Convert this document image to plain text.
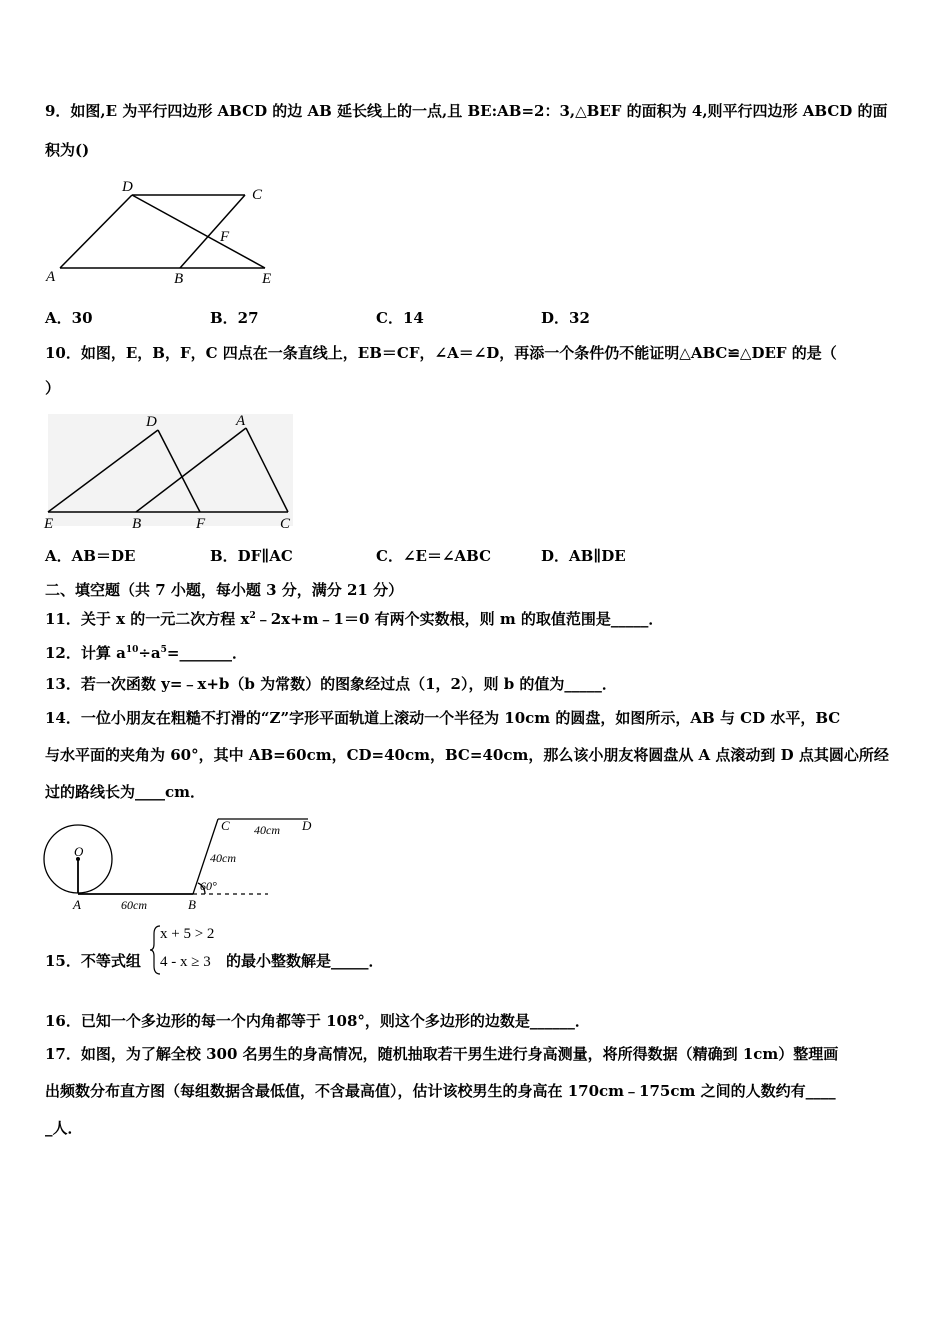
9．如图,E 为平行四边形 ABCD 的边 AB 延长线上的一点,且 BE:AB=2：3,△BEF 的面积为 4,则平行四边形 ABCD 的面
积为()
A	B
C
D
E
F
A．30	B．27	C．14	D．32
10．如图，E，B，F，C 四点在一条直线上，EB＝CF，∠A＝∠D，再添一个条件仍不能证明△ABC≌△DEF 的是（
）
D	A
E	B	F	C
A．AB＝DE	B．DF∥AC	C．∠E＝∠ABC	D．AB∥DE
二、填空题（共 7 小题，每小题 3 分，满分 21 分）
11．关于 x 的一元二次方程 $x^2﹣2x+m﹣1=0$ 有两个实数根，则 m 的取值范围是_____．
12．计算 $a^{10}\div a^5=\_\_\_\_\_\_\_$．
13．若一次函数 y=﹣x+b（b 为常数）的图象经过点（1，2），则 b 的值为_____．
14．一位小朋友在粗糙不打滑的“Z”字形平面轨道上滚动一个半径为 10cm 的圆盘，如图所示，AB 与 CD 水平，BC
与水平面的夹角为 60°，其中 AB=60cm，CD=40cm，BC=40cm，那么该小朋友将圆盘从 A 点滚动到 D 点其圆心所经
过的路线长为____cm．
O
A	B
C	D
60cm
40cm
40cm
60°
15．不等式组
x + 5 > 2
4 - x ≥ 3 的最小整数解是_____．
16．已知一个多边形的每一个内角都等于 108°，则这个多边形的边数是______．
17．如图，为了解全校 300 名男生的身高情况，随机抽取若干男生进行身高测量，将所得数据（精确到 1cm）整理画
出频数分布直方图（每组数据含最低值，不含最高值），估计该校男生的身高在 170cm﹣175cm 之间的人数约有____
_人．
